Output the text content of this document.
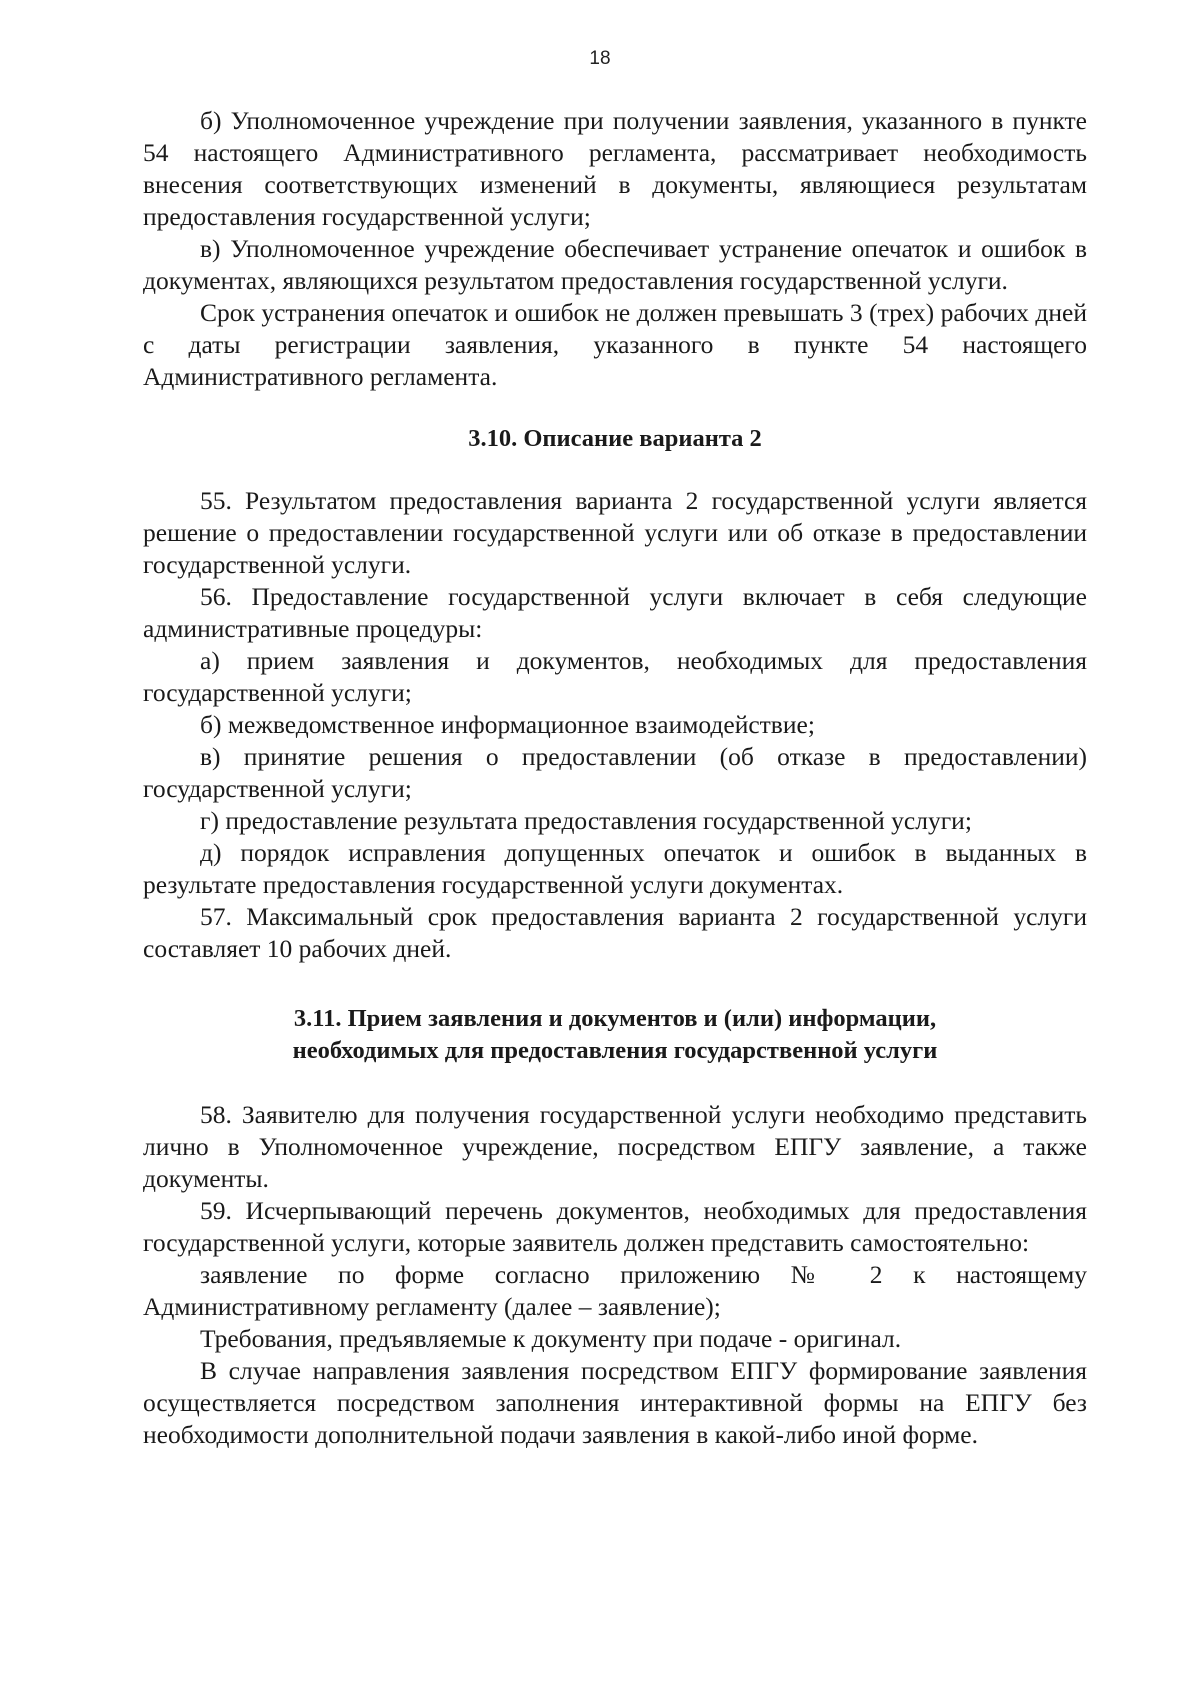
18

б) Уполномоченное учреждение при получении заявления, указанного в пункте 54 настоящего Административного регламента, рассматривает необходимость внесения соответствующих изменений в документы, являющиеся результатам предоставления государственной услуги;

в) Уполномоченное учреждение обеспечивает устранение опечаток и ошибок в документах, являющихся результатом предоставления государственной услуги.

Срок устранения опечаток и ошибок не должен превышать 3 (трех) рабочих дней с даты регистрации заявления, указанного в пункте 54 настоящего Административного регламента.

3.10. Описание варианта 2

55. Результатом предоставления варианта 2 государственной услуги является решение о предоставлении государственной услуги или об отказе в предоставлении государственной услуги.

56. Предоставление государственной услуги включает в себя следующие административные процедуры:

а) прием заявления и документов, необходимых для предоставления государственной услуги;

б) межведомственное информационное взаимодействие;

в) принятие решения о предоставлении (об отказе в предоставлении) государственной услуги;

г) предоставление результата предоставления государственной услуги;

д) порядок исправления допущенных опечаток и ошибок в выданных в результате предоставления государственной услуги документах.

57. Максимальный срок предоставления варианта 2 государственной услуги составляет 10 рабочих дней.

3.11. Прием заявления и документов и (или) информации,

необходимых для предоставления государственной услуги

58. Заявителю для получения государственной услуги необходимо представить лично в Уполномоченное учреждение, посредством ЕПГУ заявление, а также документы.

59. Исчерпывающий перечень документов, необходимых для предоставления государственной услуги, которые заявитель должен представить самостоятельно:

заявление по форме согласно приложению № 2 к настоящему Административному регламенту (далее – заявление);

Требования, предъявляемые к документу при подаче - оригинал.

В случае направления заявления посредством ЕПГУ формирование заявления осуществляется посредством заполнения интерактивной формы на ЕПГУ без необходимости дополнительной подачи заявления в какой-либо иной форме.
